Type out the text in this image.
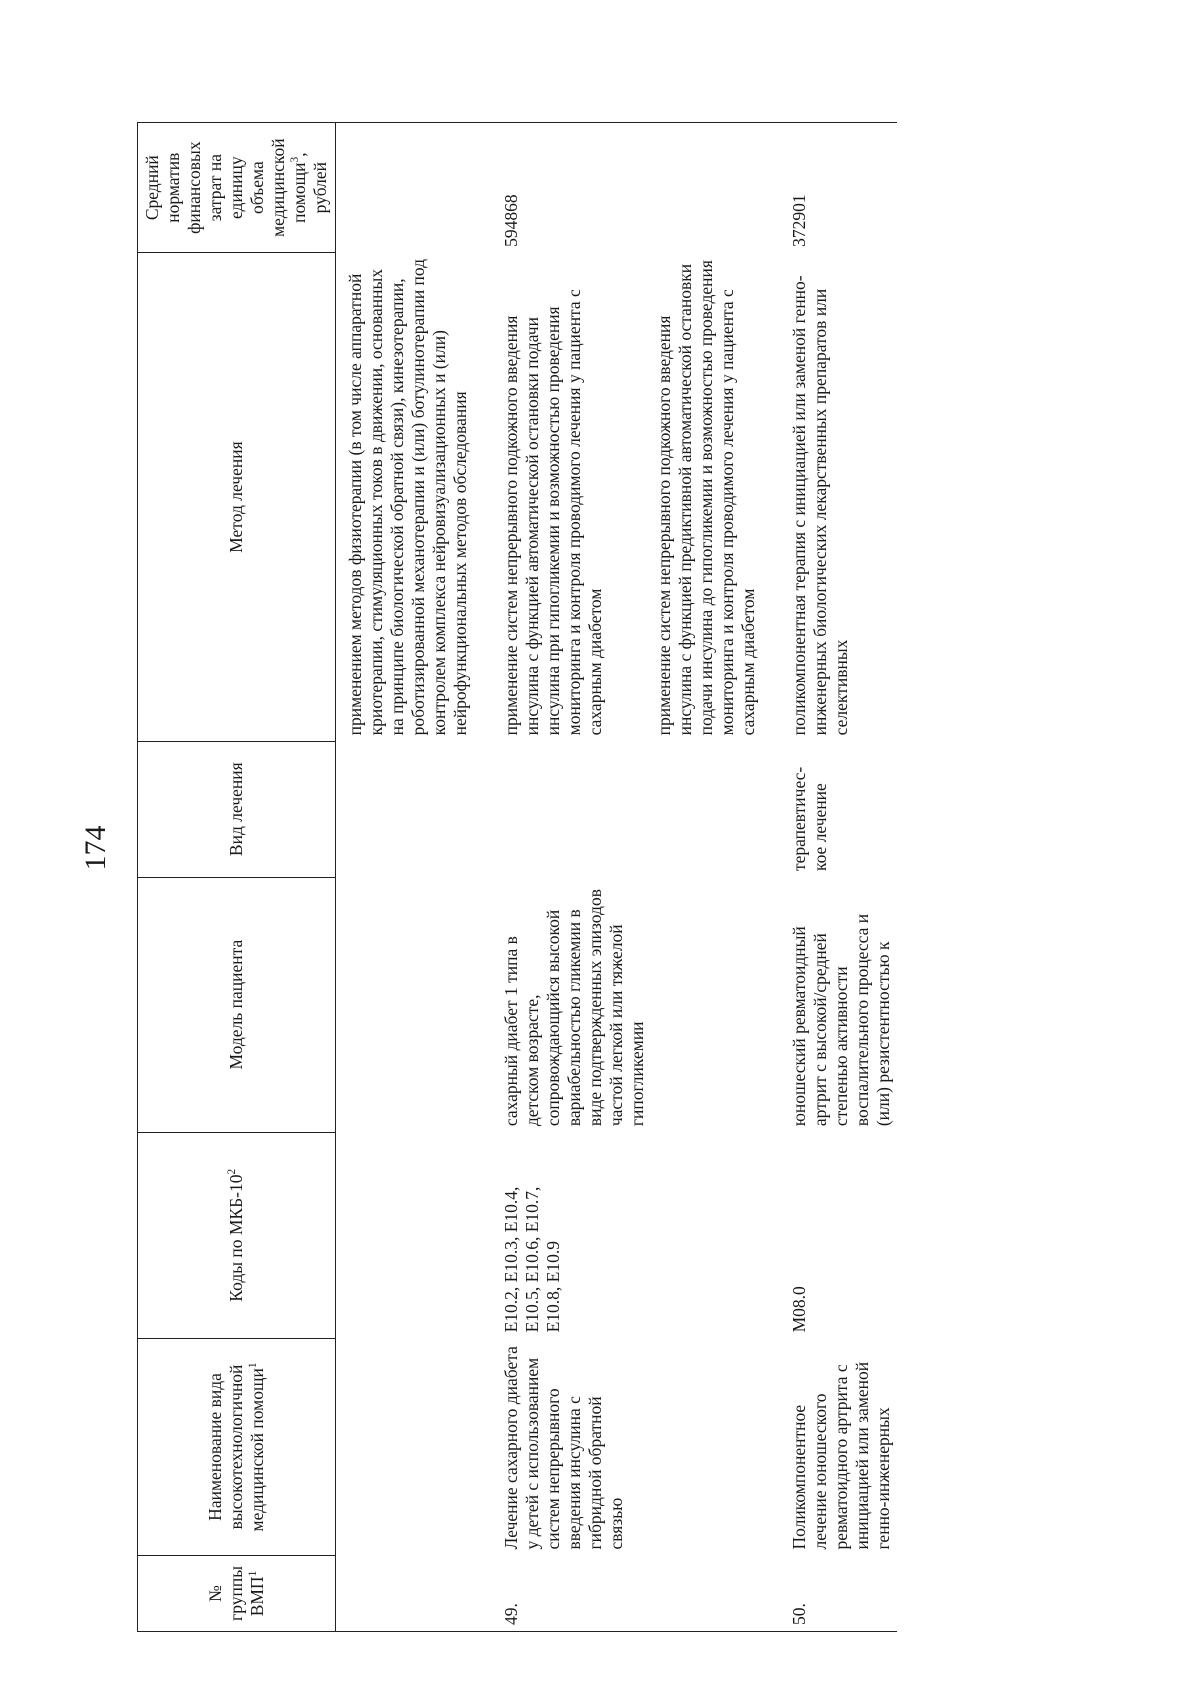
174
№ группы ВМП$^1$	Наименование вида высокотехнологичной медицинской помощи$^1$	Коды по МКБ-$10^2$	Модель пациента	Вид лечения	Метод лечения	Средний норматив финансовых затрат на единицу объема медицинской помощи$^3$, рублей

					применением методов физиотерапии (в том числе аппаратной криотерапии, стимуляционных токов в движении, основанных на принципе биологической обратной связи), кинезотерапии, роботизированной механотерапии и (или) ботулинотерапии под контролем комплекса нейровизуализационных и (или) нейрофункциональных методов обследования	

49.	Лечение сахарного диабета у детей с использованием систем непрерывного введения инсулина с гибридной обратной связью	E10.2, E10.3, E10.4, E10.5, E10.6, E10.7, E10.8, E10.9	сахарный диабет 1 типа в детском возрасте, сопровождающийся высокой вариабельностью гликемии в виде подтвержденных эпизодов частой легкой или тяжелой гипогликемии		применение систем непрерывного подкожного введения инсулина с функцией автоматической остановки подачи инсулина при гипогликемии и возможностью проведения мониторинга и контроля проводимого лечения у пациента с сахарным диабетом применение систем непрерывного подкожного введения инсулина с функцией предиктивной автоматической остановки подачи инсулина до гипогликемии и возможностью проведения мониторинга и контроля проводимого лечения у пациента с сахарным диабетом	594868

50.	Поликомпонентное лечение юношеского ревматоидного артрита с инициацией или заменой генно-инженерных	M08.0	юношеский ревматоидный артрит с высокой/средней степенью активности воспалительного процесса и (или) резистентностью к	терапевтичес-кое лечение	поликомпонентная терапия с инициацией или заменой генно-инженерных биологических лекарственных препаратов или селективных	372901
